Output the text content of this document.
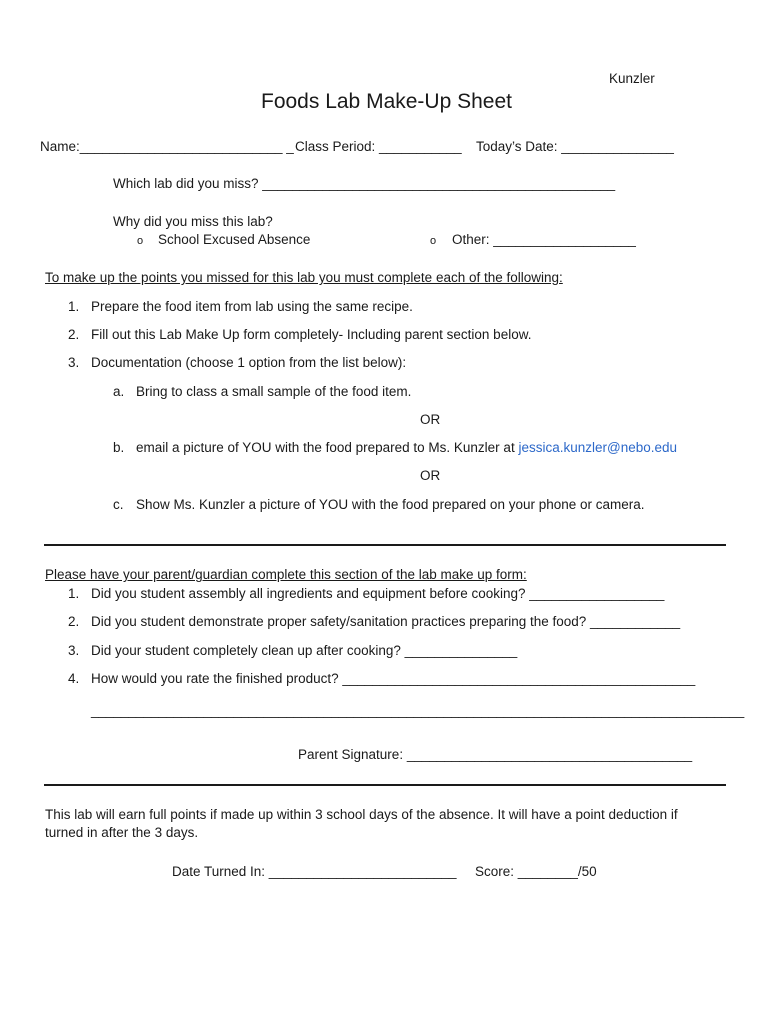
Kunzler
Foods Lab Make-Up Sheet
Name:___________________________ _ Class Period: ___________ Today’s Date: _______________
Which lab did you miss? _______________________________________________
Why did you miss this lab?
o School Excused Absence	o Other: ___________________
To make up the points you missed for this lab you must complete each of the following:
1. Prepare the food item from lab using the same recipe.
2. Fill out this Lab Make Up form completely- Including parent section below.
3. Documentation (choose 1 option from the list below):
a. Bring to class a small sample of the food item.
OR
b. email a picture of YOU with the food prepared to Ms. Kunzler at jessica.kunzler@nebo.edu
OR
c. Show Ms. Kunzler a picture of YOU with the food prepared on your phone or camera.
Please have your parent/guardian complete this section of the lab make up form:
1. Did you student assembly all ingredients and equipment before cooking? __________________
2. Did you student demonstrate proper safety/sanitation practices preparing the food? ____________
3. Did your student completely clean up after cooking? _______________
4. How would you rate the finished product? _______________________________________________
_______________________________________________________________________________________
Parent Signature: ______________________________________
This lab will earn full points if made up within 3 school days of the absence. It will have a point deduction if
turned in after the 3 days.
Date Turned In: _________________________ Score: ________/50
